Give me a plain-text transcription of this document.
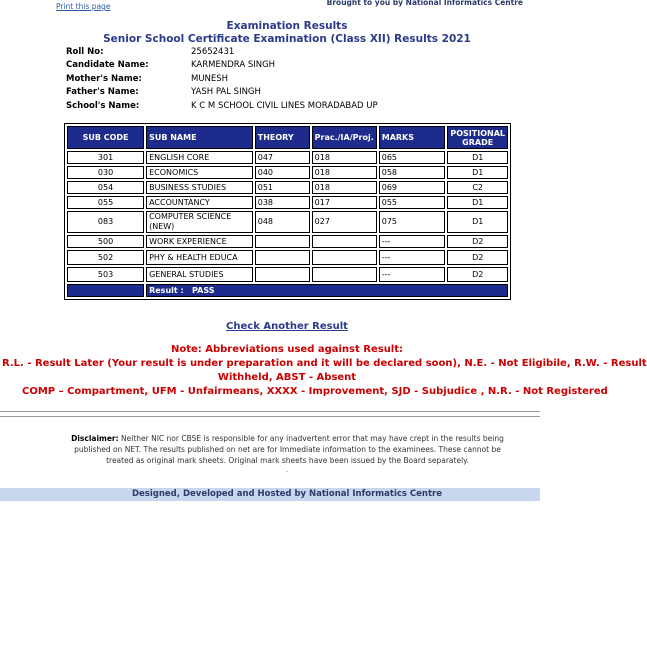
Print this page	Brought to you by National Informatics Centre
Examination Results
Senior School Certificate Examination (Class XII) Results 2021
Roll No:	25652431
Candidate Name:	KARMENDRA SINGH
Mother's Name:	MUNESH
Father's Name:	YASH PAL SINGH
School's Name:	K C M SCHOOL CIVIL LINES MORADABAD UP
SUB CODE	SUB NAME	THEORY	Prac./IA/Proj.	MARKS	POSITIONAL GRADE
301	ENGLISH CORE	047	018	065	D1
030	ECONOMICS	040	018	058	D1
054	BUSINESS STUDIES	051	018	069	C2
055	ACCOUNTANCY	038	017	055	D1
083	COMPUTER SCIENCE (NEW)	048	027	075	D1
500	WORK EXPERIENCE			---	D2
502	PHY & HEALTH EDUCA			---	D2
503	GENERAL STUDIES			---	D2
	Result : PASS				
Check Another Result
Note: Abbreviations used against Result:
R.L. - Result Later (Your result is under preparation and it will be declared soon), N.E. - Not Eligibile, R.W. - Result
Withheld, ABST - Absent
COMP – Compartment, UFM - Unfairmeans, XXXX - Improvement, SJD - Subjudice , N.R. - Not Registered
Disclaimer: Neither NIC nor CBSE is responsible for any inadvertent error that may have crept in the results being published on NET. The results published on net are for Immediate information to the examinees. These cannot be treated as original mark sheets. Original mark sheets have been issued by the Board separately.
.
Designed, Developed and Hosted by National Informatics Centre
